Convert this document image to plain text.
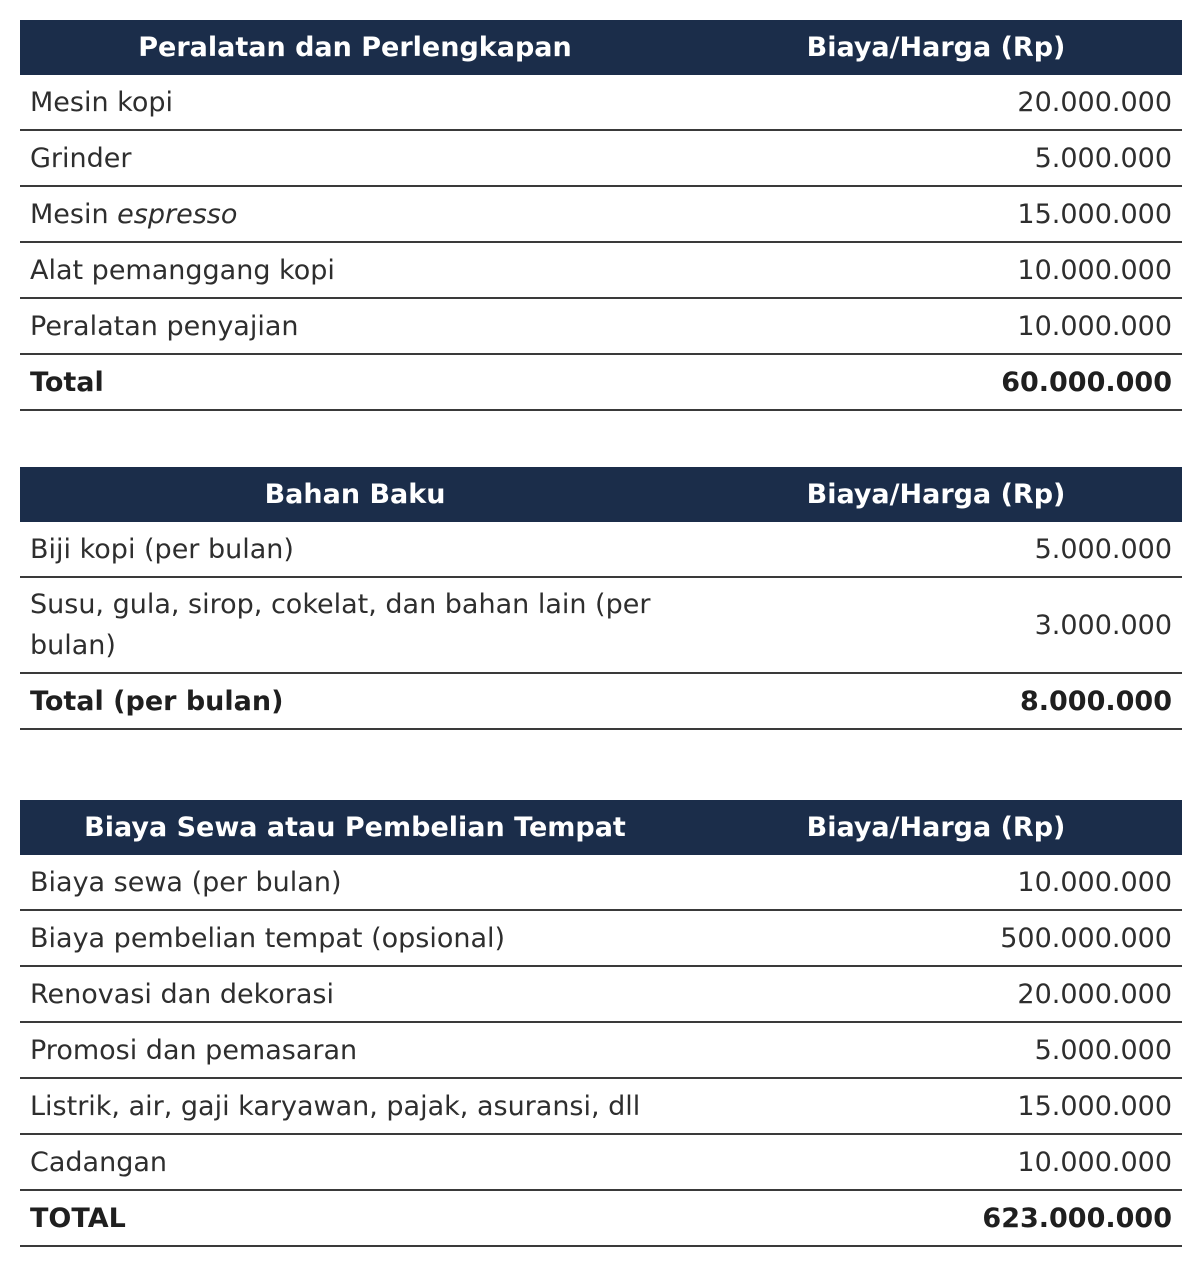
Peralatan dan Perlengkapan	Biaya/Harga (Rp)
Mesin kopi	20.000.000
Grinder	5.000.000
Mesin espresso	15.000.000
Alat pemanggang kopi	10.000.000
Peralatan penyajian	10.000.000
Total	60.000.000
Bahan Baku	Biaya/Harga (Rp)
Biji kopi (per bulan)	5.000.000
Susu, gula, sirop, cokelat, dan bahan lain (per bulan)	3.000.000
Total (per bulan)	8.000.000
Biaya Sewa atau Pembelian Tempat	Biaya/Harga (Rp)
Biaya sewa (per bulan)	10.000.000
Biaya pembelian tempat (opsional)	500.000.000
Renovasi dan dekorasi	20.000.000
Promosi dan pemasaran	5.000.000
Listrik, air, gaji karyawan, pajak, asuransi, dll	15.000.000
Cadangan	10.000.000
TOTAL	623.000.000
